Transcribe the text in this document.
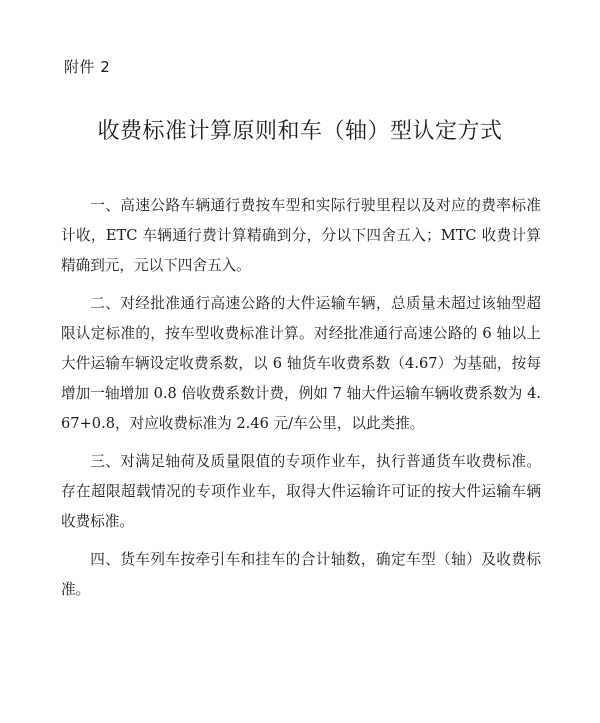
附件 2
收费标准计算原则和车（轴）型认定方式

一、高速公路车辆通行费按车型和实际行驶里程以及对应的费率标准计收，ETC 车辆通行费计算精确到分，分以下四舍五入；MTC 收费计算精确到元，元以下四舍五入。

二、对经批准通行高速公路的大件运输车辆，总质量未超过该轴型超限认定标准的，按车型收费标准计算。对经批准通行高速公路的 6 轴以上大件运输车辆设定收费系数，以 6 轴货车收费系数（4.67）为基础，按每增加一轴增加 0.8 倍收费系数计费，例如 7 轴大件运输车辆收费系数为 4.67+0.8，对应收费标准为 2.46 元/车公里，以此类推。

三、对满足轴荷及质量限值的专项作业车，执行普通货车收费标准。存在超限超载情况的专项作业车，取得大件运输许可证的按大件运输车辆收费标准。

四、货车列车按牵引车和挂车的合计轴数，确定车型（轴）及收费标准。
